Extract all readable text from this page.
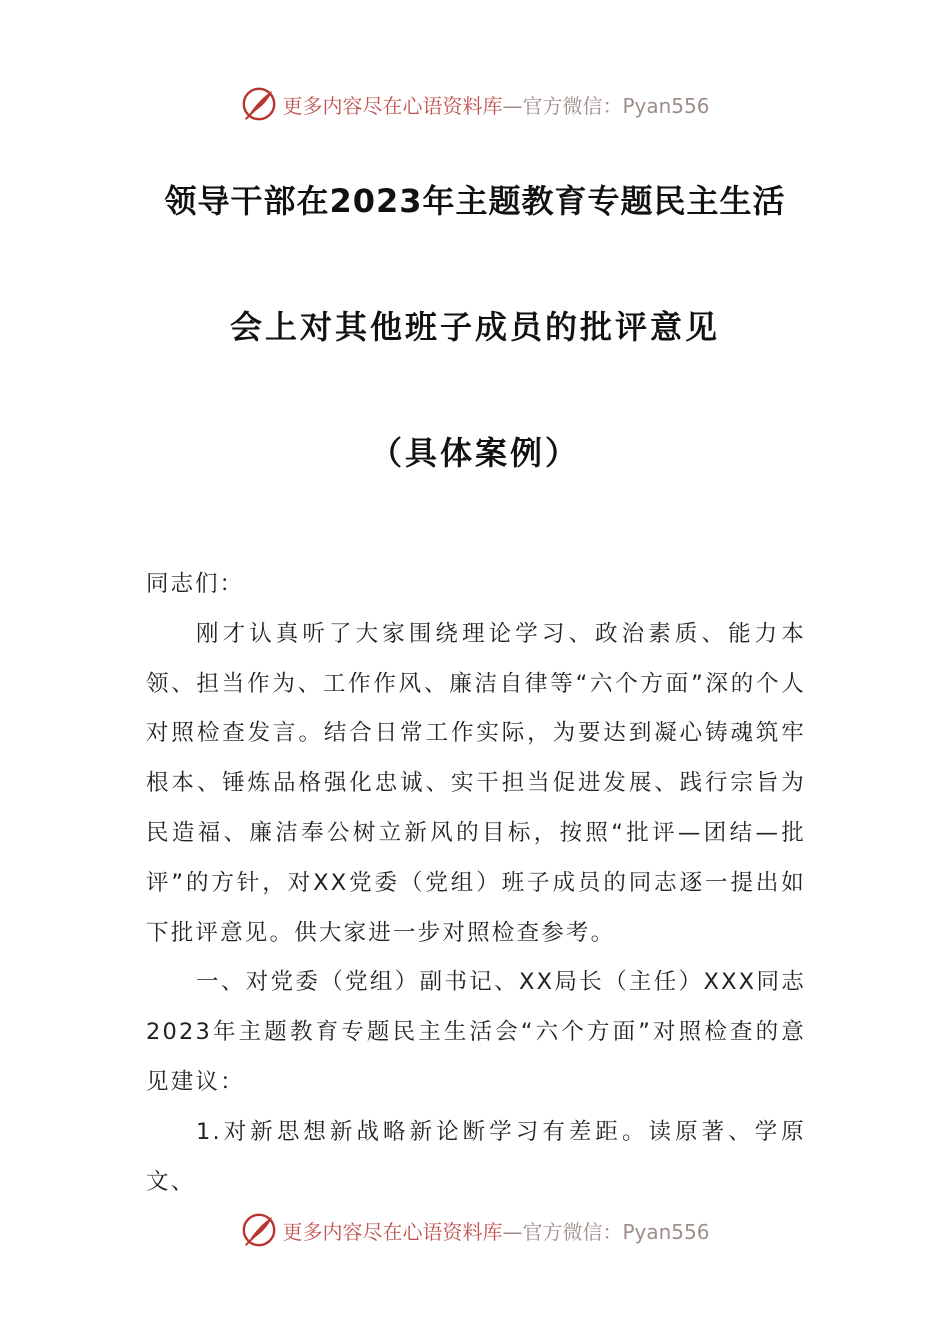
更多内容尽在心语资料库 —官方微信：Pyan556
领导干部在2023年主题教育专题民主生活
会上对其他班子成员的批评意见
（具体案例）

同志们：

刚才认真听了大家围绕理论学习、政治素质、能力本领、担当作为、工作作风、廉洁自律等“六个方面”深的个人对照检查发言。结合日常工作实际，为要达到凝心铸魂筑牢根本、锤炼品格强化忠诚、实干担当促进发展、践行宗旨为民造福、廉洁奉公树立新风的目标，按照“批评—团结—批评”的方针，对XX党委（党组）班子成员的同志逐一提出如下批评意见。供大家进一步对照检查参考。

一、对党委（党组）副书记、XX局长（主任）XXX同志2023年主题教育专题民主生活会“六个方面”对照检查的意见建议：

1.对新思想新战略新论断学习有差距。读原著、学原文、

更多内容尽在心语资料库 —官方微信：Pyan556
